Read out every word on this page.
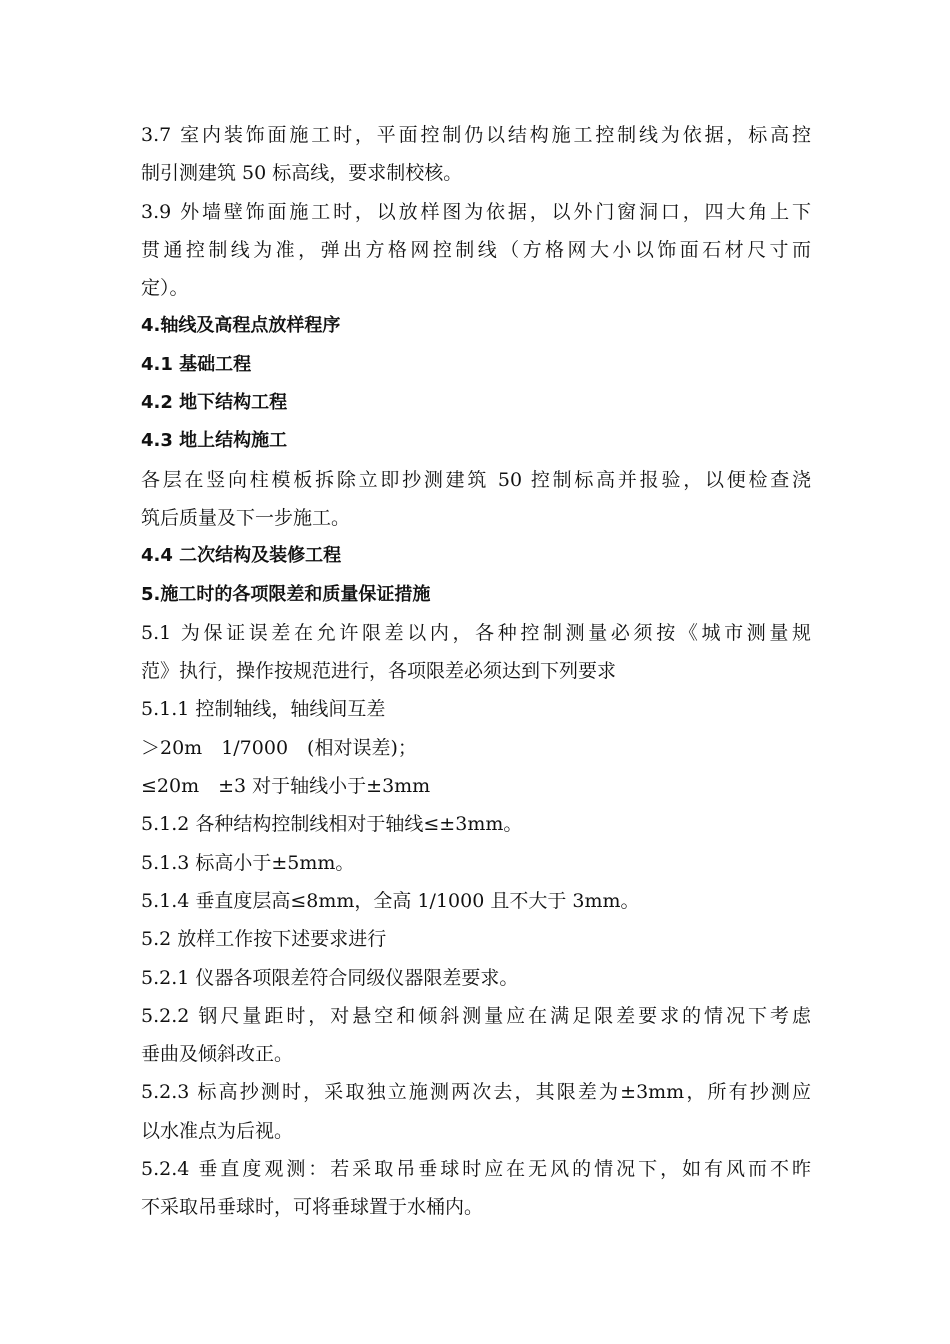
3.7 室内装饰面施工时，平面控制仍以结构施工控制线为依据，标高控
制引测建筑 50 标高线，要求制校核。
3.9 外墙壁饰面施工时，以放样图为依据，以外门窗洞口，四大角上下
贯通控制线为准，弹出方格网控制线（方格网大小以饰面石材尺寸而
定）。
4.轴线及高程点放样程序
4.1 基础工程
4.2 地下结构工程
4.3 地上结构施工
各层在竖向柱模板拆除立即抄测建筑 50 控制标高并报验，以便检查浇
筑后质量及下一步施工。
4.4 二次结构及装修工程
5.施工时的各项限差和质量保证措施
5.1 为保证误差在允许限差以内，各种控制测量必须按《城市测量规
范》执行，操作按规范进行，各项限差必须达到下列要求
5.1.1 控制轴线，轴线间互差
＞20m　1/7000　(相对误差)；
≤20m　±3 对于轴线小于±3mm
5.1.2 各种结构控制线相对于轴线≤±3mm。
5.1.3 标高小于±5mm。
5.1.4 垂直度层高≤8mm，全高 1/1000 且不大于 3mm。
5.2 放样工作按下述要求进行
5.2.1 仪器各项限差符合同级仪器限差要求。
5.2.2 钢尺量距时，对悬空和倾斜测量应在满足限差要求的情况下考虑
垂曲及倾斜改正。
5.2.3 标高抄测时，采取独立施测两次去，其限差为±3mm，所有抄测应
以水准点为后视。
5.2.4 垂直度观测：若采取吊垂球时应在无风的情况下，如有风而不昨
不采取吊垂球时，可将垂球置于水桶内。
